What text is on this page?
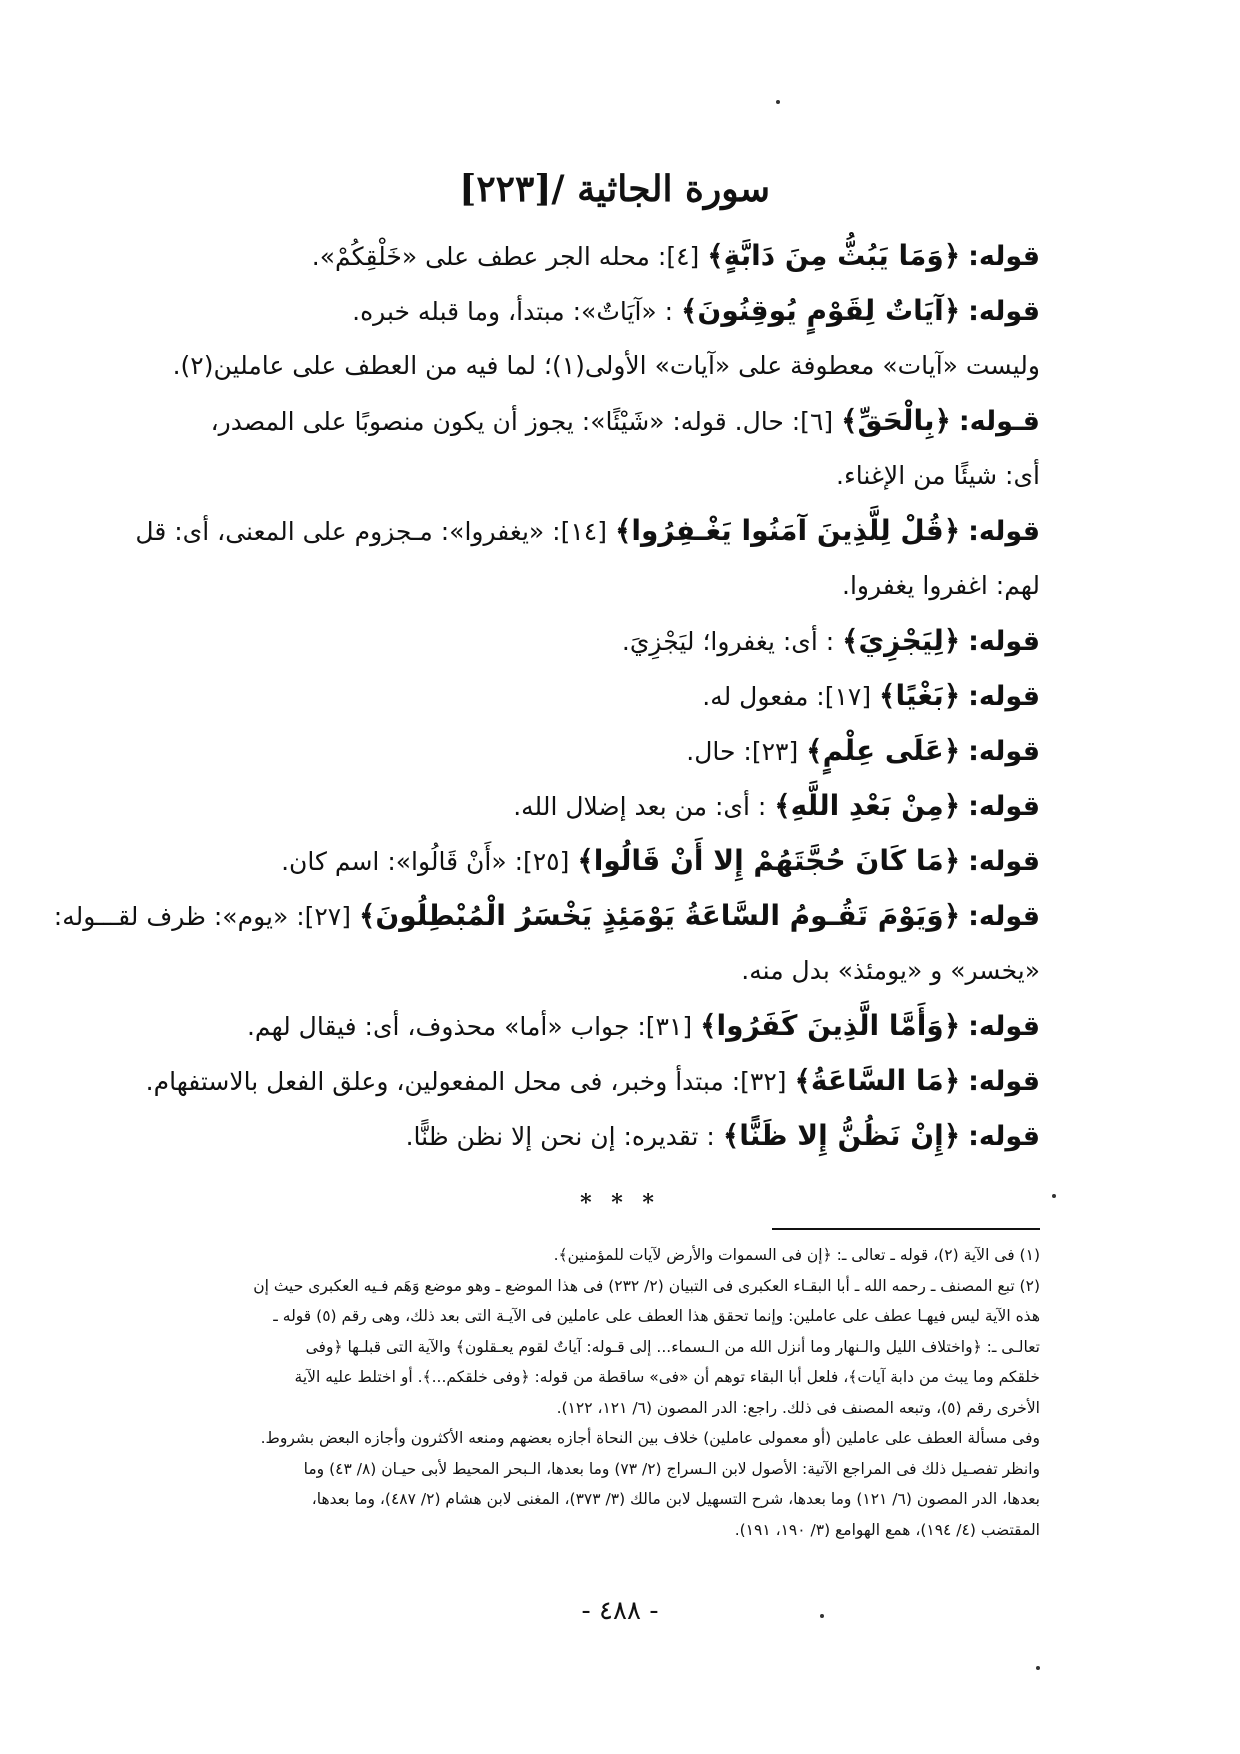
سورة الجاثية /[٢٢٣]
قوله: ﴿وَمَا يَبُثُّ مِنَ دَابَّةٍ﴾ [٤]: محله الجر عطف على «خَلْقِكُمْ».
قوله: ﴿آيَاتٌ لِقَوْمٍ يُوقِنُونَ﴾ : «آيَاتٌ»: مبتدأ، وما قبله خبره.
وليست «آيات» معطوفة على «آيات» الأولى(١)؛ لما فيه من العطف على عاملين(٢).
قـوله: ﴿بِالْحَقِّ﴾ [٦]: حال. قوله: «شَيْئًا»: يجوز أن يكون منصوبًا على المصدر،
أى: شيئًا من الإغناء.
قوله: ﴿قُلْ لِلَّذِينَ آمَنُوا يَغْـفِرُوا﴾ [١٤]: «يغفروا»: مـجزوم على المعنى، أى: قل
لهم: اغفروا يغفروا.
قوله: ﴿لِيَجْزِيَ﴾ : أى: يغفروا؛ ليَجْزِيَ.
قوله: ﴿بَغْيًا﴾ [١٧]: مفعول له.
قوله: ﴿عَلَى عِلْمٍ﴾ [٢٣]: حال.
قوله: ﴿مِنْ بَعْدِ اللَّهِ﴾ : أى: من بعد إضلال الله.
قوله: ﴿مَا كَانَ حُجَّتَهُمْ إِلا أَنْ قَالُوا﴾ [٢٥]: «أَنْ قَالُوا»: اسم كان.
قوله: ﴿وَيَوْمَ تَقُـومُ السَّاعَةُ يَوْمَئِذٍ يَخْسَرُ الْمُبْطِلُونَ﴾ [٢٧]: «يوم»: ظرف لقـــوله:
«يخسر» و «يومئذ» بدل منه.
قوله: ﴿وَأَمَّا الَّذِينَ كَفَرُوا﴾ [٣١]: جواب «أما» محذوف، أى: فيقال لهم.
قوله: ﴿مَا السَّاعَةُ﴾ [٣٢]: مبتدأ وخبر، فى محل المفعولين، وعلق الفعل بالاستفهام.
قوله: ﴿إِنْ نَظُنُّ إِلا ظَنًّا﴾ : تقديره: إن نحن إلا نظن ظنًّا.
* * *
(١) فى الآية (٢)، قوله ـ تعالى ـ: ﴿إن فى السموات والأرض لآيات للمؤمنين﴾.
(٢) تبع المصنف ـ رحمه الله ـ أبا البقـاء العكبرى فى التبيان (٢/ ٢٣٢) فى هذا الموضع ـ وهو موضع وَهَم فـيه العكبرى حيث إن
هذه الآية ليس فيهـا عطف على عاملين: وإنما تحقق هذا العطف على عاملين فى الآيـة التى بعد ذلك، وهى رقم (٥) قوله ـ
تعالـى ـ: ﴿واختلاف الليل والـنهار وما أنزل الله من الـسماء... إلى قـوله: آياتٌ لقوم يعـقلون﴾ والآية التى قبلـها ﴿وفى
خلقكم وما يبث من دابة آيات﴾، فلعل أبا البقاء توهم أن «فى» ساقطة من قوله: ﴿وفى خلقكم...﴾. أو اختلط عليه الآية
الأخرى رقم (٥)، وتبعه المصنف فى ذلك. راجع: الدر المصون (٦/ ١٢١، ١٢٢).
وفى مسألة العطف على عاملين (أو معمولى عاملين) خلاف بين النحاة أجازه بعضهم ومنعه الأكثرون وأجازه البعض بشروط.
وانظر تفصـيل ذلك فى المراجع الآتية: الأصول لابن الـسراج (٢/ ٧٣) وما بعدها، الـبحر المحيط لأبى حيـان (٨/ ٤٣) وما
بعدها، الدر المصون (٦/ ١٢١) وما بعدها، شرح التسهيل لابن مالك (٣/ ٣٧٣)، المغنى لابن هشام (٢/ ٤٨٧)، وما بعدها،
المقتضب (٤/ ١٩٤)، همع الهوامع (٣/ ١٩٠، ١٩١).
- ٤٨٨ -
